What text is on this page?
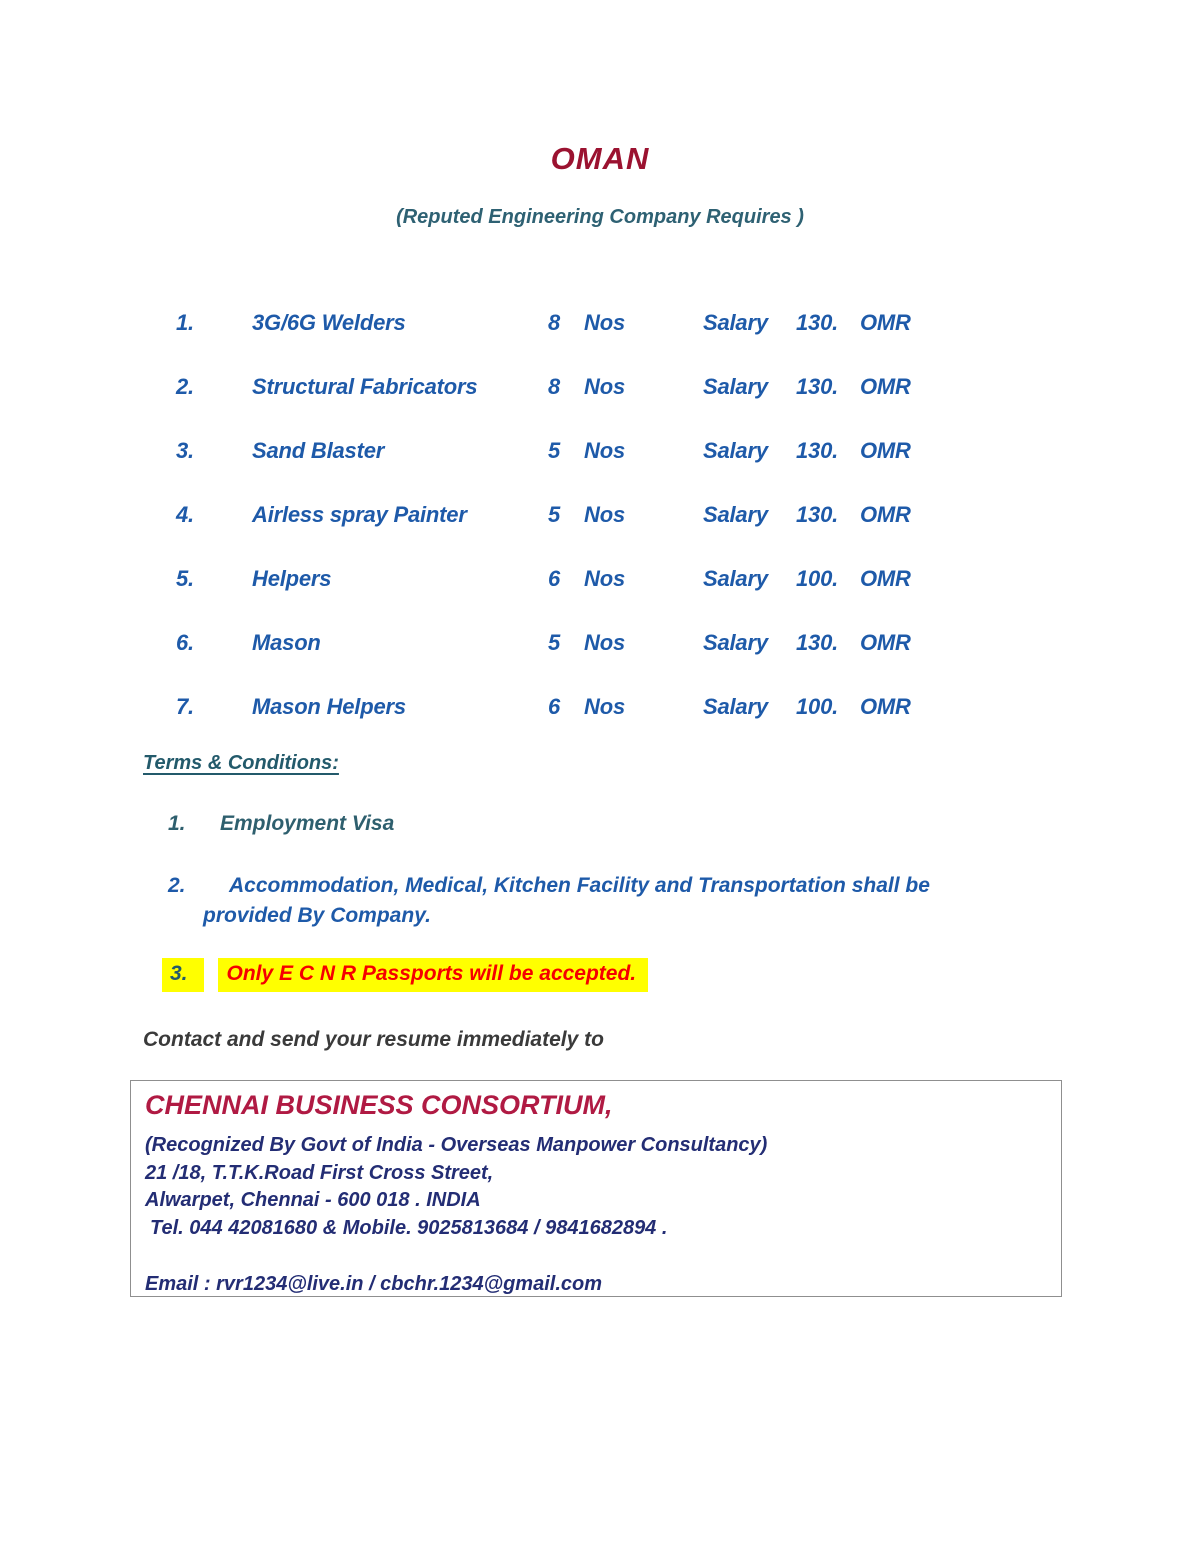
OMAN
(Reputed Engineering Company Requires )
1.	3G/6G Welders	8 Nos	Salary	130. OMR
2.	Structural Fabricators	8 Nos	Salary	130. OMR
3.	Sand Blaster	5 Nos	Salary	130. OMR
4.	Airless spray Painter	5 Nos	Salary	130. OMR
5.	Helpers	6 Nos	Salary	100. OMR
6.	Mason	5 Nos	Salary	130. OMR
7.	Mason Helpers	6 Nos	Salary	100. OMR
Terms & Conditions:
1. Employment Visa
2.	Accommodation, Medical, Kitchen Facility and Transportation shall be provided By Company.
3. Only E C N R Passports will be accepted.
Contact and send your resume immediately to
CHENNAI BUSINESS CONSORTIUM,
(Recognized By Govt of India - Overseas Manpower Consultancy)
21 /18, T.T.K.Road First Cross Street,
Alwarpet, Chennai - 600 018 . INDIA
Tel. 044 42081680 & Mobile. 9025813684 / 9841682894 .
Email : rvr1234@live.in / cbchr.1234@gmail.com
